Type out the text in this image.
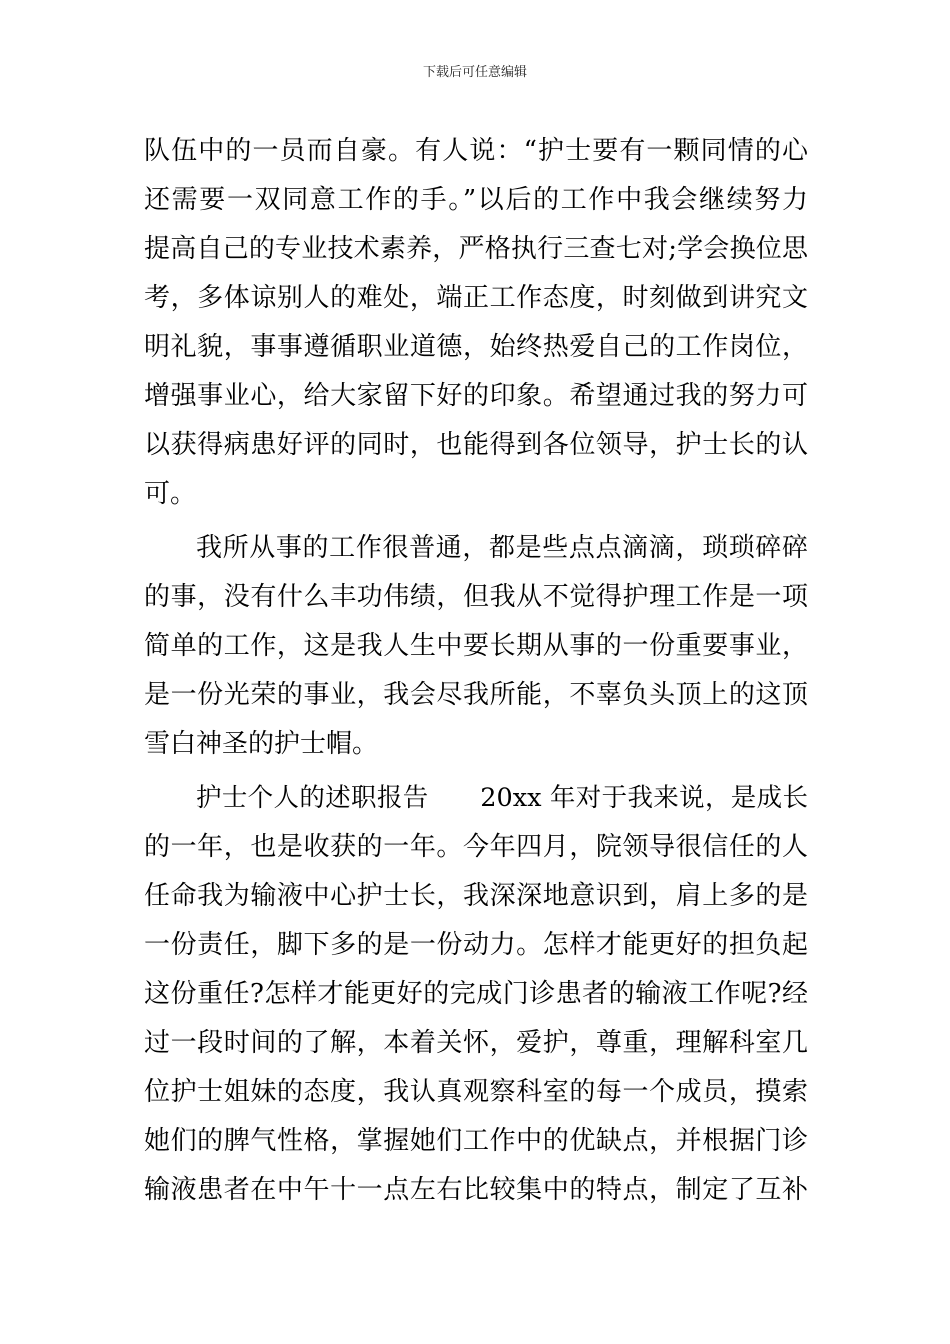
下载后可任意编辑
队伍中的一员而自豪。有人说：“护士要有一颗同情的心
还需要一双同意工作的手。”以后的工作中我会继续努力
提高自己的专业技术素养，严格执行三查七对;学会换位思
考，多体谅别人的难处，端正工作态度，时刻做到讲究文
明礼貌，事事遵循职业道德，始终热爱自己的工作岗位，
增强事业心，给大家留下好的印象。希望通过我的努力可
以获得病患好评的同时，也能得到各位领导，护士长的认
可。
我所从事的工作很普通，都是些点点滴滴，琐琐碎碎
的事，没有什么丰功伟绩，但我从不觉得护理工作是一项
简单的工作，这是我人生中要长期从事的一份重要事业，
是一份光荣的事业，我会尽我所能，不辜负头顶上的这顶
雪白神圣的护士帽。
护士个人的述职报告　　20xx 年对于我来说，是成长
的一年，也是收获的一年。今年四月，院领导很信任的人
任命我为输液中心护士长，我深深地意识到，肩上多的是
一份责任，脚下多的是一份动力。怎样才能更好的担负起
这份重任?怎样才能更好的完成门诊患者的输液工作呢?经
过一段时间的了解，本着关怀，爱护，尊重，理解科室几
位护士姐妹的态度，我认真观察科室的每一个成员，摸索
她们的脾气性格，掌握她们工作中的优缺点，并根据门诊
输液患者在中午十一点左右比较集中的特点，制定了互补
